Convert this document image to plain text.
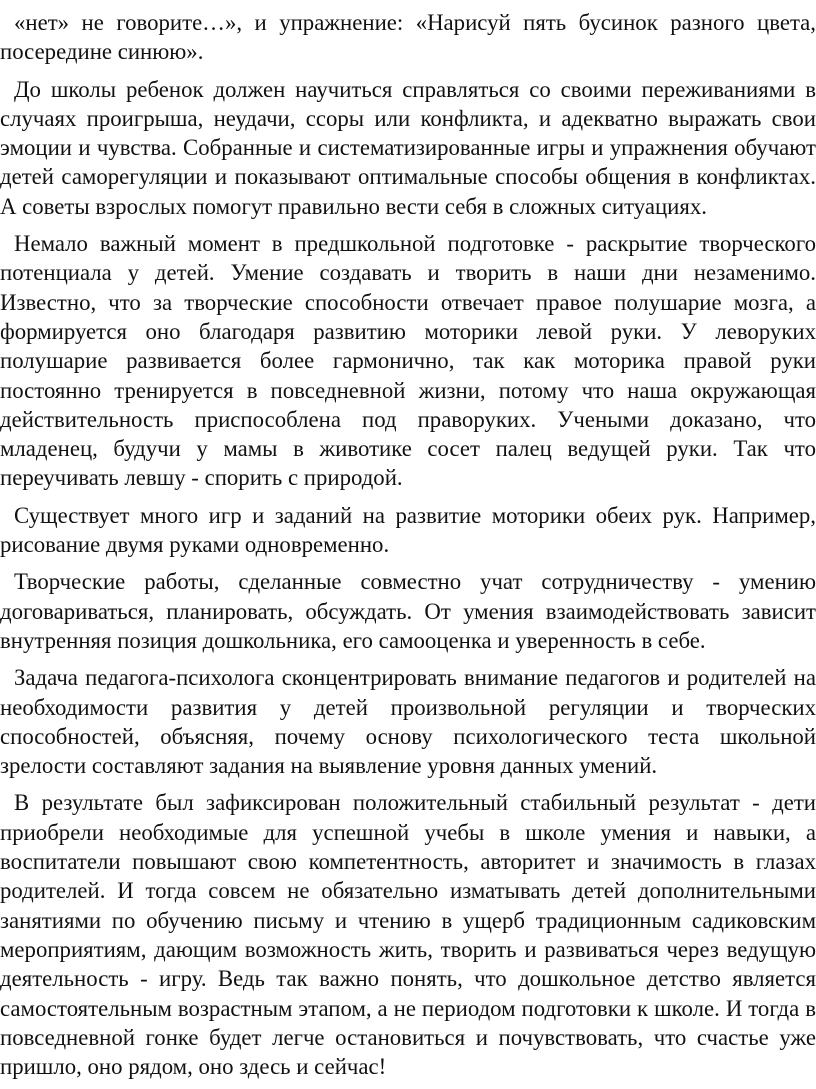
«нет» не говорите…», и упражнение: «Нарисуй пять бусинок разного цвета, посередине синюю».

До школы ребенок должен научиться справляться со своими переживаниями в случаях проигрыша, неудачи, ссоры или конфликта, и адекватно выражать свои эмоции и чувства. Собранные и систематизированные игры и упражнения обучают детей саморегуляции и показывают оптимальные способы общения в конфликтах. А советы взрослых помогут правильно вести себя в сложных ситуациях.

Немало важный момент в предшкольной подготовке - раскрытие творческого потенциала у детей. Умение создавать и творить в наши дни незаменимо. Известно, что за творческие способности отвечает правое полушарие мозга, а формируется оно благодаря развитию моторики левой руки. У леворуких полушарие развивается более гармонично, так как моторика правой руки постоянно тренируется в повседневной жизни, потому что наша окружающая действительность приспособлена под праворуких. Учеными доказано, что младенец, будучи у мамы в животике сосет палец ведущей руки. Так что переучивать левшу - спорить с природой.

Существует много игр и заданий на развитие моторики обеих рук. Например, рисование двумя руками одновременно.

Творческие работы, сделанные совместно учат сотрудничеству - умению договариваться, планировать, обсуждать. От умения взаимодействовать зависит внутренняя позиция дошкольника, его самооценка и уверенность в себе.

Задача педагога-психолога сконцентрировать внимание педагогов и родителей на необходимости развития у детей произвольной регуляции и творческих способностей, объясняя, почему основу психологического теста школьной зрелости составляют задания на выявление уровня данных умений.

В результате был зафиксирован положительный стабильный результат - дети приобрели необходимые для успешной учебы в школе умения и навыки, а воспитатели повышают свою компетентность, авторитет и значимость в глазах родителей. И тогда совсем не обязательно изматывать детей дополнительными занятиями по обучению письму и чтению в ущерб традиционным садиковским мероприятиям, дающим возможность жить, творить и развиваться через ведущую деятельность - игру. Ведь так важно понять, что дошкольное детство является самостоятельным возрастным этапом, а не периодом подготовки к школе. И тогда в повседневной гонке будет легче остановиться и почувствовать, что счастье уже пришло, оно рядом, оно здесь и сейчас!
